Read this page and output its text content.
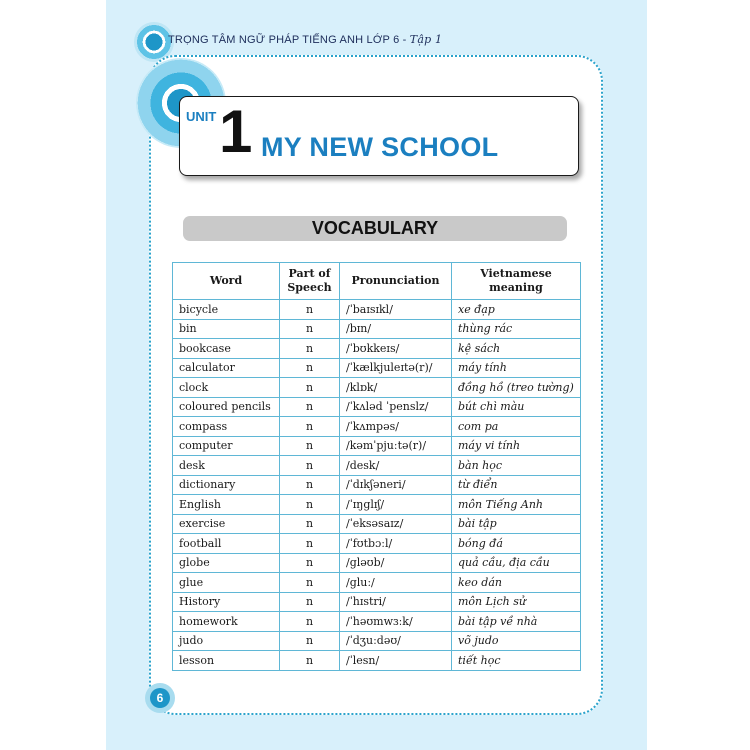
TRỌNG TÂM NGỮ PHÁP TIẾNG ANH LỚP 6 - Tập 1
UNIT 1 MY NEW SCHOOL
VOCABULARY
Word	Part of Speech	Pronunciation	Vietnamese meaning
bicycle	n	/ˈbaɪsɪkl/	xe đạp
bin	n	/bɪn/	thùng rác
bookcase	n	/ˈbʊkkeɪs/	kệ sách
calculator	n	/ˈkælkjuleɪtə(r)/	máy tính
clock	n	/klɒk/	đồng hồ (treo tường)
coloured pencils	n	/ˈkʌləd ˈpenslz/	bút chì màu
compass	n	/ˈkʌmpəs/	com pa
computer	n	/kəmˈpjuːtə(r)/	máy vi tính
desk	n	/desk/	bàn học
dictionary	n	/ˈdɪkʃəneri/	từ điển
English	n	/ˈɪŋglɪʃ/	môn Tiếng Anh
exercise	n	/ˈeksəsaɪz/	bài tập
football	n	/ˈfʊtbɔːl/	bóng đá
globe	n	/gləʊb/	quả cầu, địa cầu
glue	n	/gluː/	keo dán
History	n	/ˈhɪstri/	môn Lịch sử
homework	n	/ˈhəʊmwɜːk/	bài tập về nhà
judo	n	/ˈdʒuːdəʊ/	võ judo
lesson	n	/ˈlesn/	tiết học
6
